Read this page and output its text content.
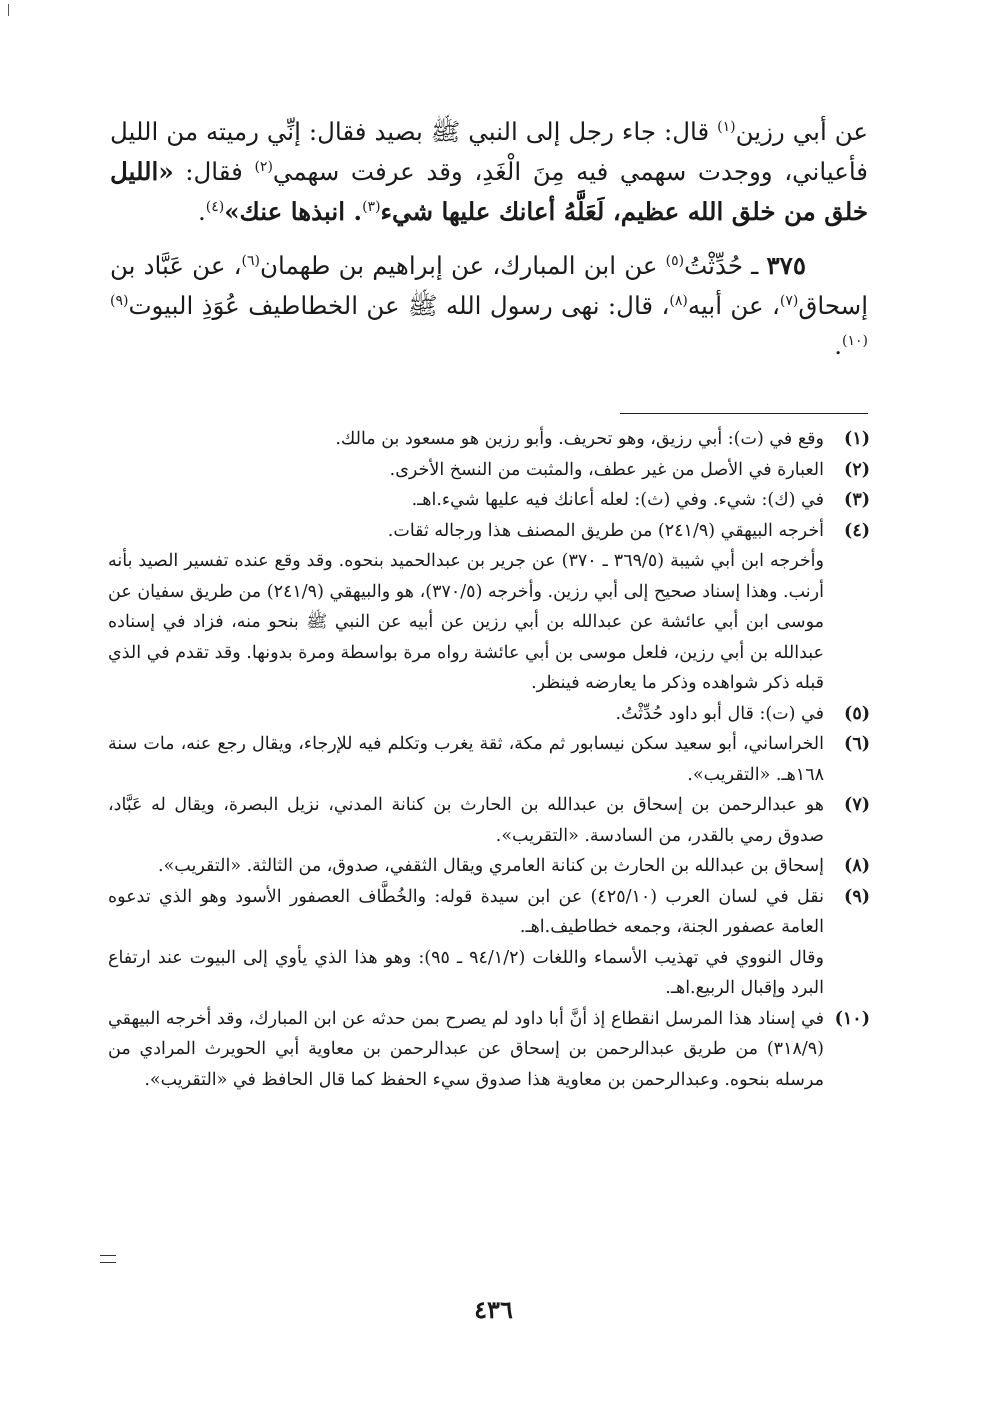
عن أبي رزين$^{(١)}$ قال: جاء رجل إلى النبي ﷺ بصيد فقال: إنِّي رميته من الليل فأعياني، ووجدت سهمي فيه مِنَ الْغَدِ، وقد عرفت سهمي$^{(٢)}$ فقال: «الليل خلق من خلق الله عظيم، لَعَلَّهُ أعانك عليها شيء$^{(٣)}$. انبذها عنك»$^{(٤)}$.

٣٧٥ ـ حُدِّثْتُ$^{(٥)}$ عن ابن المبارك، عن إبراهيم بن طهمان$^{(٦)}$، عن عَبَّاد بن إسحاق$^{(٧)}$، عن أبيه$^{(٨)}$، قال: نهى رسول الله ﷺ عن الخطاطيف عُوَذِ البيوت$^{(٩)(١٠)}$.

(١)
وقع في (ت): أبي رزيق، وهو تحريف. وأبو رزين هو مسعود بن مالك.
(٢)
العبارة في الأصل من غير عطف، والمثبت من النسخ الأخرى.
(٣)
في (ك): شيء. وفي (ث): لعله أعانك فيه عليها شيء.اهـ.
(٤)
أخرجه البيهقي (٢٤١/٩) من طريق المصنف هذا ورجاله ثقات.
وأخرجه ابن أبي شيبة (٣٦٩/٥ ـ ٣٧٠) عن جرير بن عبدالحميد بنحوه. وقد وقع عنده تفسير الصيد بأنه أرنب. وهذا إسناد صحيح إلى أبي رزين. وأخرجه (٣٧٠/٥)، هو والبيهقي (٢٤١/٩) من طريق سفيان عن موسى ابن أبي عائشة عن عبدالله بن أبي رزين عن أبيه عن النبي ﷺ بنحو منه، فزاد في إسناده عبدالله بن أبي رزين، فلعل موسى بن أبي عائشة رواه مرة بواسطة ومرة بدونها. وقد تقدم في الذي قبله ذكر شواهده وذكر ما يعارضه فينظر.
(٥)
في (ت): قال أبو داود حُدِّثْتُ.
(٦)
الخراساني، أبو سعيد سكن نيسابور ثم مكة، ثقة يغرب وتكلم فيه للإرجاء، ويقال رجع عنه، مات سنة ١٦٨هـ. «التقريب».
(٧)
هو عبدالرحمن بن إسحاق بن عبدالله بن الحارث بن كنانة المدني، نزيل البصرة، ويقال له عَبَّاد، صدوق رمي بالقدر، من السادسة. «التقريب».
(٨)
إسحاق بن عبدالله بن الحارث بن كنانة العامري ويقال الثقفي، صدوق، من الثالثة. «التقريب».
(٩)
نقل في لسان العرب (٤٢٥/١٠) عن ابن سيدة قوله: والخُطَّاف العصفور الأسود وهو الذي تدعوه العامة عصفور الجنة، وجمعه خطاطيف.اهـ.
وقال النووي في تهذيب الأسماء واللغات (٩٤/١/٢ ـ ٩٥): وهو هذا الذي يأوي إلى البيوت عند ارتفاع البرد وإقبال الربيع.اهـ.
(١٠)
في إسناد هذا المرسل انقطاع إذ أنَّ أبا داود لم يصرح بمن حدثه عن ابن المبارك، وقد أخرجه البيهقي (٣١٨/٩) من طريق عبدالرحمن بن إسحاق عن عبدالرحمن بن معاوية أبي الحويرث المرادي من مرسله بنحوه. وعبدالرحمن بن معاوية هذا صدوق سيء الحفظ كما قال الحافظ في «التقريب».
٤٣٦
